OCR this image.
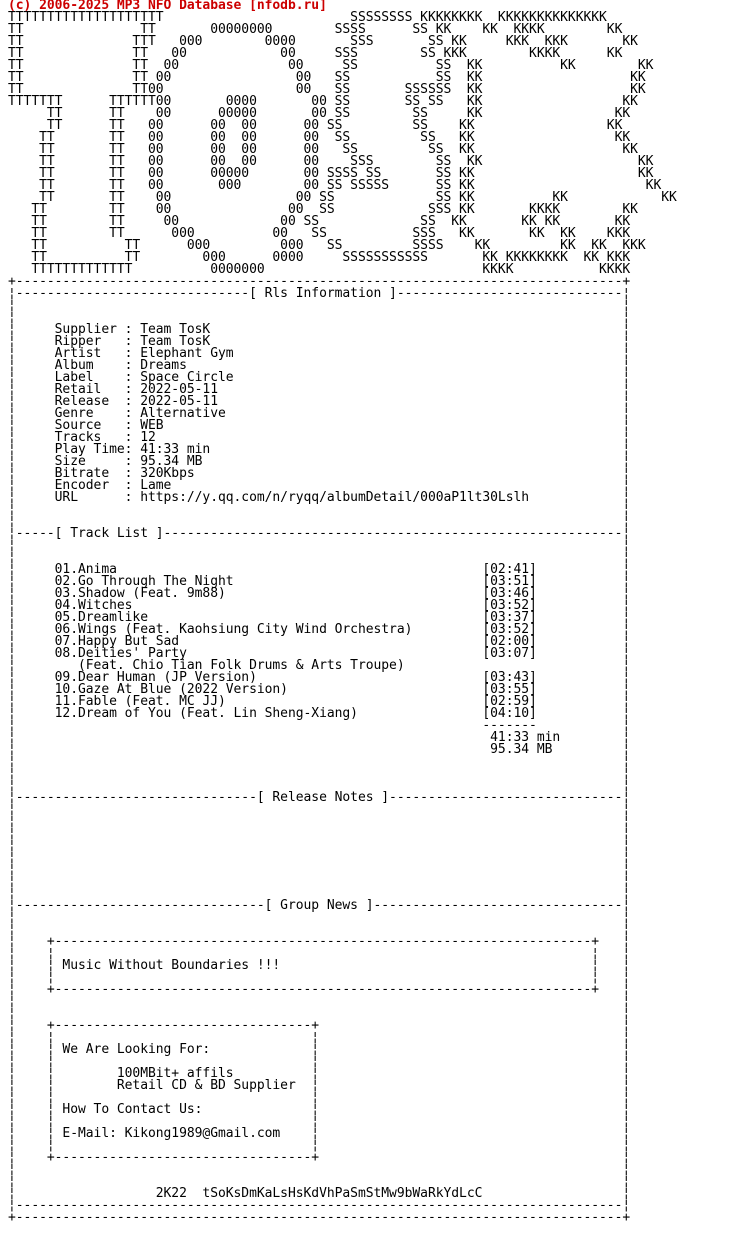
(c) 2006-2025 MP3 NFO Database [nfodb.ru]
TTTTTTTTTTTTTTTTTTTT                        SSSSSSSS KKKKKKKK  KKKKKKKKKKKKKK
TT               TT       00000000        SSSS      SS KK    KK  KKKK        KK
TT              TTT   000        0000       SSS       SS KK     KKK  KKK       KK
TT              TT   00            00     SSS        SS KKK        KKKK      KK
TT              TT  00              00     SS          SS  KK          KK        KK
TT              TT 00                00   SS           SS  KK                   KK
TT              TT00                 00   SS       SSSSSS  KK                   KK
TTTTTTT      TTTTTT00       0000       00 SS       SS SS   KK                  KK
TT      TT    00      00000       00 SS        SS     KK                 KK
TT      TT   00      00  00      00 SS         SS    KK                 KK
TT       TT   00      00  00      00  SS         SS   KK                  KK
TT       TT   00      00  00      00   SS         SS  KK                   KK
TT       TT   00      00  00      00    SSS        SS  KK                    KK
TT       TT   00      00000       00 SSSS SS       SS KK                     KK
TT       TT   00       000        00 SS SSSSS      SS KK                      KK
TT       TT    00                00 SS             SS KK          KK            KK
TT        TT    00               00  SS            SSS KK       KKKK        KK
TT        TT     00             00 SS             SS  KK       KK KK       KK
TT        TT      000          00   SS           SSS   KK       KK  KK    KKK
TT          TT      000         000   SS         SSSS    KK         KK  KK  KKK
TT          TT        000      0000     SSSSSSSSSSS       KK KKKKKKKK  KK KKK
TTTTTTTTTTTTT          0000000                            KKKK           KKKK
+------------------------------------------------------------------------------+
¦------------------------------[ Rls Information ]-----------------------------¦
¦                                                                              ¦
¦                                                                              ¦
¦     Supplier : Team TosK                                                     ¦
¦     Ripper   : Team TosK                                                     ¦
¦     Artist   : Elephant Gym                                                  ¦
¦     Album    : Dreams                                                        ¦
¦     Label    : Space Circle                                                  ¦
¦     Retail   : 2022-05-11                                                    ¦
¦     Release  : 2022-05-11                                                    ¦
¦     Genre    : Alternative                                                   ¦
¦     Source   : WEB                                                           ¦
¦     Tracks   : 12                                                            ¦
¦     Play Time: 41:33 min                                                     ¦
¦     Size     : 95.34 MB                                                      ¦
¦     Bitrate  : 320Kbps                                                       ¦
¦     Encoder  : Lame                                                          ¦
¦     URL      : https://y.qq.com/n/ryqq/albumDetail/000aP1lt30Lslh            ¦
¦                                                                              ¦
¦                                                                              ¦
¦-----[ Track List ]-----------------------------------------------------------¦
¦                                                                              ¦
¦                                                                              ¦
¦     01.Anima                                               [02:41]           ¦
¦     02.Go Through The Night                                [03:51]           ¦
¦     03.Shadow (Feat. 9m88)                                 [03:46]           ¦
¦     04.Witches                                             [03:52]           ¦
¦     05.Dreamlike                                           [03:37]           ¦
¦     06.Wings (Feat. Kaohsiung City Wind Orchestra)         [03:52]           ¦
¦     07.Happy But Sad                                       [02:00]           ¦
¦     08.Deities' Party                                      [03:07]           ¦
¦        (Feat. Chio Tian Folk Drums & Arts Troupe)                            ¦
¦     09.Dear Human (JP Version)                             [03:43]           ¦
¦     10.Gaze At Blue (2022 Version)                         [03:55]           ¦
¦     11.Fable (Feat. MC JJ)                                 [02:59]           ¦
¦     12.Dream of You (Feat. Lin Sheng-Xiang)                [04:10]           ¦
¦                                                            -------           ¦
¦                                                             41:33 min        ¦
¦                                                             95.34 MB         ¦
¦                                                                              ¦
¦                                                                              ¦
¦                                                                              ¦
¦-------------------------------[ Release Notes ]------------------------------¦
¦                                                                              ¦
¦                                                                              ¦
¦                                                                              ¦
¦                                                                              ¦
¦                                                                              ¦
¦                                                                              ¦
¦                                                                              ¦
¦                                                                              ¦
¦--------------------------------[ Group News ]--------------------------------¦
¦                                                                              ¦
¦                                                                              ¦
¦    +---------------------------------------------------------------------+   ¦
¦    ¦                                                                     ¦   ¦
¦    ¦ Music Without Boundaries !!!                                        ¦   ¦
¦    ¦                                                                     ¦   ¦
¦    +---------------------------------------------------------------------+   ¦
¦                                                                              ¦
¦                                                                              ¦
¦    +---------------------------------+                                       ¦
¦    ¦                                 ¦                                       ¦
¦    ¦ We Are Looking For:             ¦                                       ¦
¦    ¦                                 ¦                                       ¦
¦    ¦        100MBit+ affils          ¦                                       ¦
¦    ¦        Retail CD & BD Supplier  ¦                                       ¦
¦    ¦                                 ¦                                       ¦
¦    ¦ How To Contact Us:              ¦                                       ¦
¦    ¦                                 ¦                                       ¦
¦    ¦ E-Mail: Kikong1989@Gmail.com    ¦                                       ¦
¦    ¦                                 ¦                                       ¦
¦    +---------------------------------+                                       ¦
¦                                                                              ¦
¦                                                                              ¦
¦                  2K22  tSoKsDmKaLsHsKdVhPaSmStMw9bWaRkYdLcC                  ¦
¦------------------------------------------------------------------------------¦
+------------------------------------------------------------------------------+
